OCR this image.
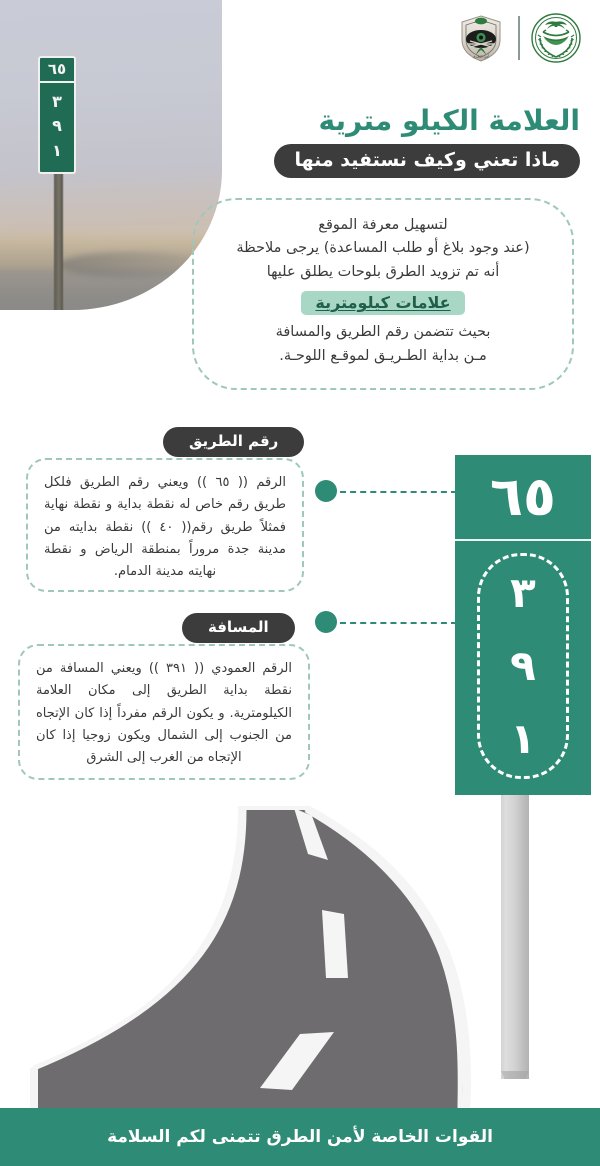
٦٥
٣
٩
١
أمن الطرق
العلامة الكيلو مترية
ماذا تعني وكيف نستفيد منها
لتسهيل معرفة الموقع
(عند وجود بلاغ أو طلب المساعدة) يرجى ملاحظة
أنه تم تزويد الطرق بلوحات يطلق عليها
علامات كيلومترية
بحيث تتضمن رقم الطريق والمسافة
مـن بداية الطـريـق لموقـع اللوحـة.
رقم الطريق
الرقم (( ٦٥ )) ويعني رقم الطريق فلكل طريق رقم خاص له نقطة بداية و نقطة نهاية فمثلاً طريق رقم(( ٤٠ )) نقطة بدايته من مدينة جدة مروراً بمنطقة الرياض و نقطة نهايته مدينة الدمام.
المسافة
الرقم العمودي (( ٣٩١ )) ويعني المسافة من نقطة بداية الطريق إلى مكان العلامة الكيلومترية. و يكون الرقم مفرداً إذا كان الإتجاه من الجنوب إلى الشمال ويكون زوجيا إذا كان الإتجاه من الغرب إلى الشرق
٦٥
٣
٩
١
القوات الخاصة لأمن الطرق تتمنى لكم السلامة
